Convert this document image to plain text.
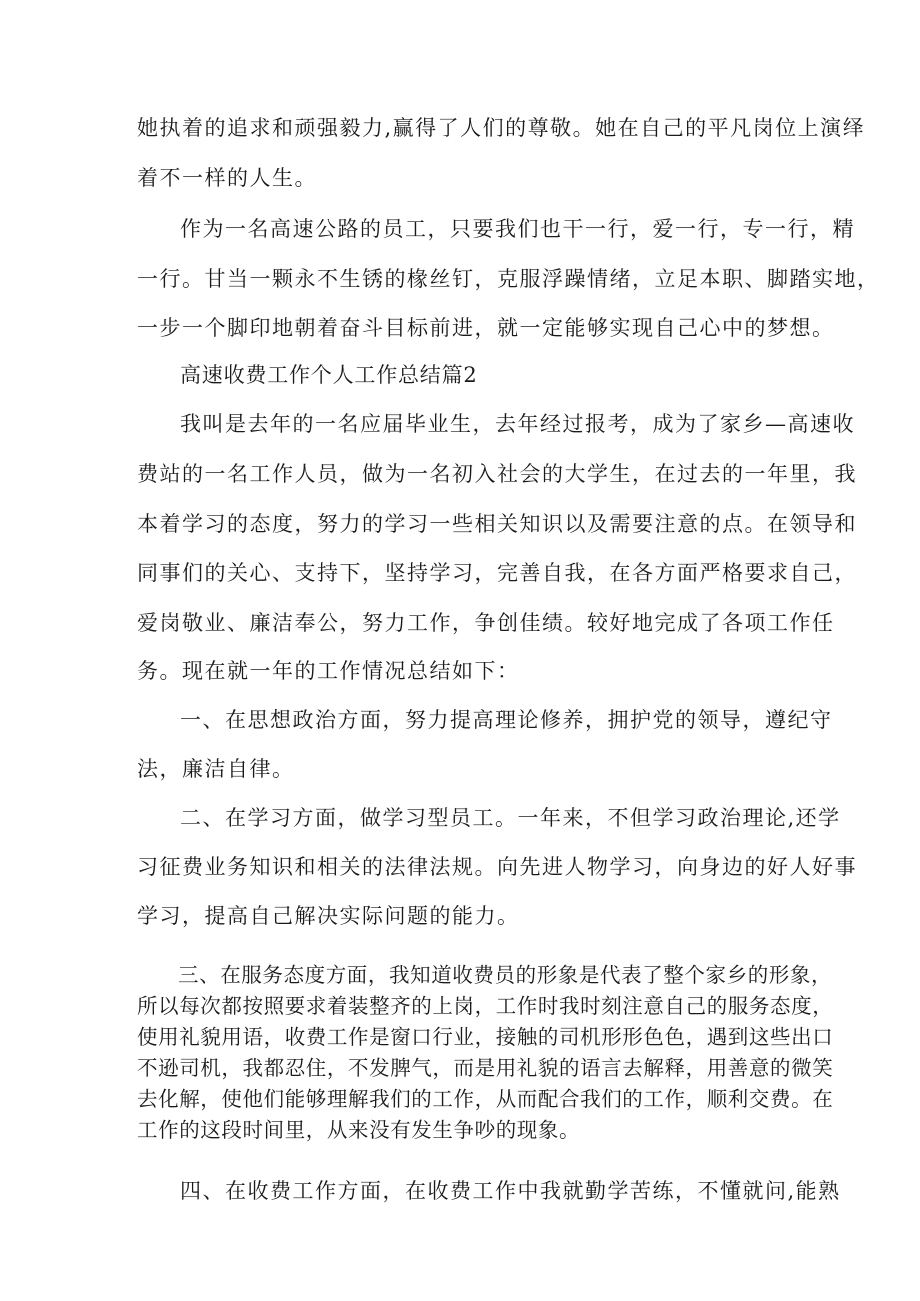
她执着的追求和顽强毅力,赢得了人们的尊敬。她在自己的平凡岗位上演绎
着不一样的人生。
作为一名高速公路的员工，只要我们也干一行，爱一行，专一行，精
一行。甘当一颗永不生锈的椽丝钉，克服浮躁情绪，立足本职、脚踏实地，
一步一个脚印地朝着奋斗目标前进，就一定能够实现自己心中的梦想。
高速收费工作个人工作总结篇2
我叫是去年的一名应届毕业生，去年经过报考，成为了家乡—高速收
费站的一名工作人员，做为一名初入社会的大学生，在过去的一年里，我
本着学习的态度，努力的学习一些相关知识以及需要注意的点。在领导和
同事们的关心、支持下，坚持学习，完善自我，在各方面严格要求自己，
爱岗敬业、廉洁奉公，努力工作，争创佳绩。较好地完成了各项工作任
务。现在就一年的工作情况总结如下：
一、在思想政治方面，努力提高理论修养，拥护党的领导，遵纪守
法，廉洁自律。
二、在学习方面，做学习型员工。一年来，不但学习政治理论,还学
习征费业务知识和相关的法律法规。向先进人物学习，向身边的好人好事
学习，提高自己解决实际问题的能力。
三、在服务态度方面，我知道收费员的形象是代表了整个家乡的形象，
所以每次都按照要求着装整齐的上岗，工作时我时刻注意自己的服务态度，
使用礼貌用语，收费工作是窗口行业，接触的司机形形色色，遇到这些出口
不逊司机，我都忍住，不发脾气，而是用礼貌的语言去解释，用善意的微笑
去化解，使他们能够理解我们的工作，从而配合我们的工作，顺利交费。在
工作的这段时间里，从来没有发生争吵的现象。
四、在收费工作方面，在收费工作中我就勤学苦练，不懂就问,能熟
